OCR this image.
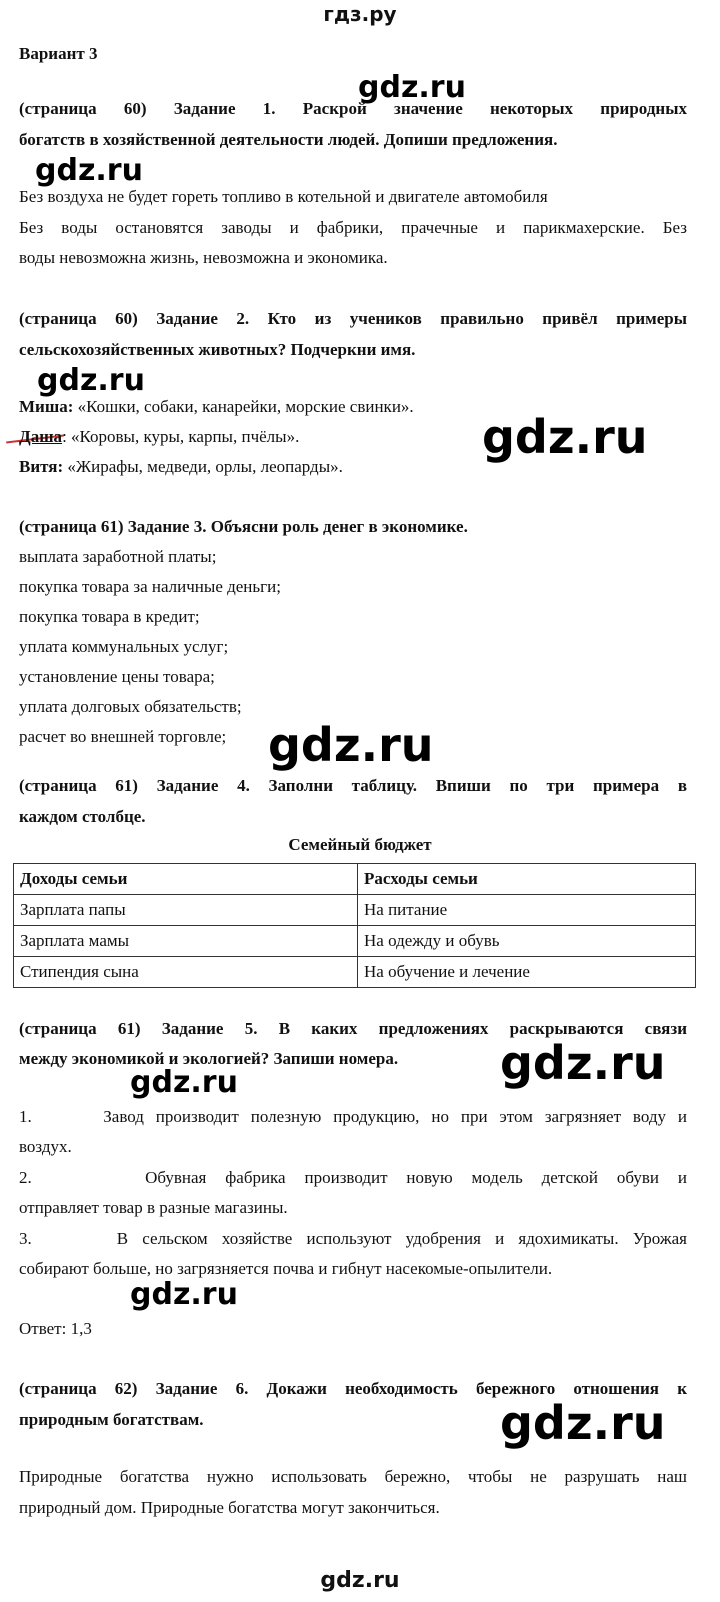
гдз.ру
Вариант 3
gdz.ru
gdz.ru
gdz.ru
gdz.ru
gdz.ru
gdz.ru
gdz.ru
gdz.ru
gdz.ru
(страница 60) Задание 1. Раскрой значение некоторых природных
богатств в хозяйственной деятельности людей. Допиши предложения.
Без воздуха не будет гореть топливо в котельной и двигателе автомобиля
Без воды остановятся заводы и фабрики, прачечные и парикмахерские. Без
воды невозможна жизнь, невозможна и экономика.
(страница 60) Задание 2. Кто из учеников правильно привёл примеры
сельскохозяйственных животных? Подчеркни имя.
Миша: «Кошки, собаки, канарейки, морские свинки».
Даша: «Коровы, куры, карпы, пчёлы».
Витя: «Жирафы, медведи, орлы, леопарды».
(страница 61) Задание 3. Объясни роль денег в экономике.
выплата заработной платы;
покупка товара за наличные деньги;
покупка товара в кредит;
уплата коммунальных услуг;
установление цены товара;
уплата долговых обязательств;
расчет во внешней торговле;
(страница 61) Задание 4. Заполни таблицу. Впиши по три примера в
каждом столбце.
Семейный бюджет
Доходы семьи	Расходы семьи
Зарплата папы	На питание
Зарплата мамы	На одежду и обувь
Стипендия сына	На обучение и лечение
(страница 61) Задание 5. В каких предложениях раскрываются связи
между экономикой и экологией? Запиши номера.
1.      Завод производит полезную продукцию, но при этом загрязняет воду и
воздух.
2.      Обувная фабрика производит новую модель детской обуви и
отправляет товар в разные магазины.
3.      В сельском хозяйстве используют удобрения и ядохимикаты. Урожая
собирают больше, но загрязняется почва и гибнут насекомые-опылители.
Ответ: 1,3
(страница 62) Задание 6. Докажи необходимость бережного отношения к
природным богатствам.
Природные богатства нужно использовать бережно, чтобы не разрушать наш
природный дом. Природные богатства могут закончиться.
gdz.ru
